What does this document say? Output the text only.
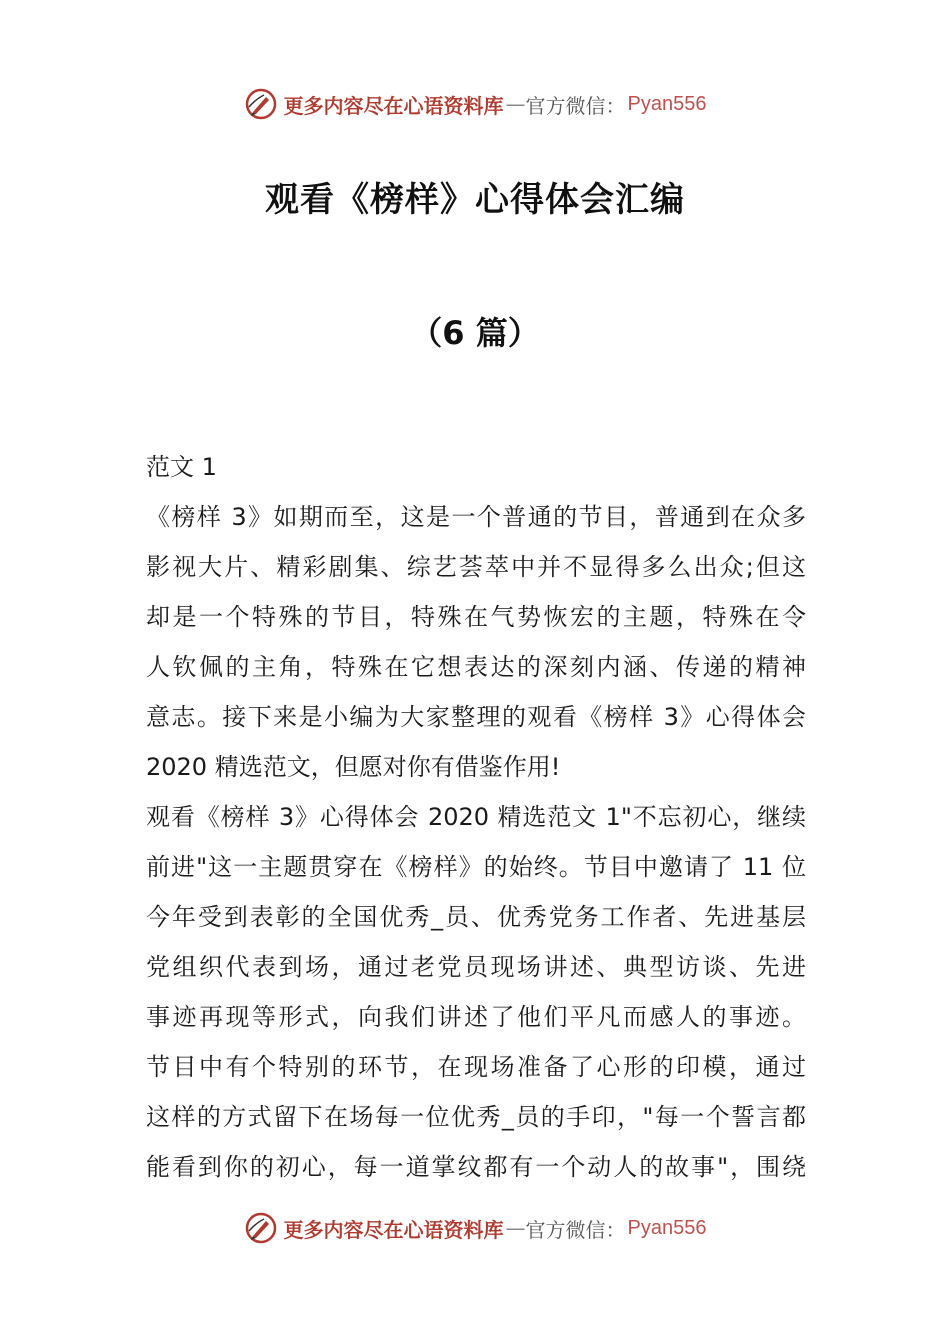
更多内容尽在心语资料库 — 官方微信： Pyan556
观看《榜样》心得体会汇编
（6 篇）
范文 1
《榜样 3》如期而至，这是一个普通的节目，普通到在众多
影视大片、精彩剧集、综艺荟萃中并不显得多么出众;但这
却是一个特殊的节目，特殊在气势恢宏的主题，特殊在令
人钦佩的主角，特殊在它想表达的深刻内涵、传递的精神
意志。接下来是小编为大家整理的观看《榜样 3》心得体会
2020 精选范文，但愿对你有借鉴作用!
观看《榜样 3》心得体会 2020 精选范文 1"不忘初心，继续
前进"这一主题贯穿在《榜样》的始终。节目中邀请了 11 位
今年受到表彰的全国优秀_员、优秀党务工作者、先进基层
党组织代表到场，通过老党员现场讲述、典型访谈、先进
事迹再现等形式，向我们讲述了他们平凡而感人的事迹。
节目中有个特别的环节，在现场准备了心形的印模，通过
这样的方式留下在场每一位优秀_员的手印，"每一个誓言都
能看到你的初心，每一道掌纹都有一个动人的故事"，围绕
更多内容尽在心语资料库 — 官方微信： Pyan556
